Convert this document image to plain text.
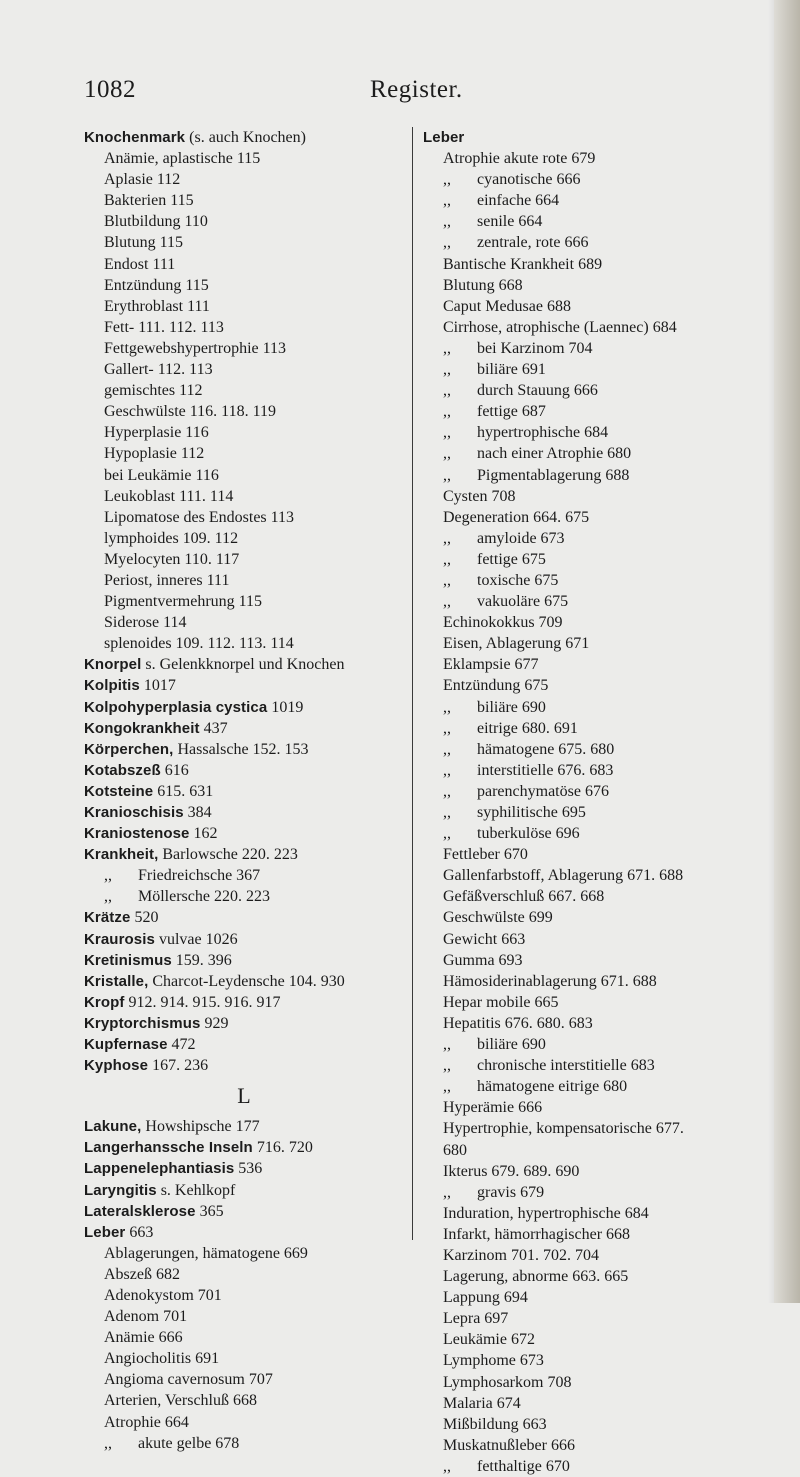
1082	Register.
Knochenmark (s. auch Knochen)
Anämie, aplastische 115
Aplasie 112
Bakterien 115
Blutbildung 110
Blutung 115
Endost 111
Entzündung 115
Erythroblast 111
Fett- 111. 112. 113
Fettgewebshypertrophie 113
Gallert- 112. 113
gemischtes 112
Geschwülste 116. 118. 119
Hyperplasie 116
Hypoplasie 112
bei Leukämie 116
Leukoblast 111. 114
Lipomatose des Endostes 113
lymphoides 109. 112
Myelocyten 110. 117
Periost, inneres 111
Pigmentvermehrung 115
Siderose 114
splenoides 109. 112. 113. 114
Knorpel s. Gelenkknorpel und Knochen
Kolpitis 1017
Kolpohyperplasia cystica 1019
Kongokrankheit 437
Körperchen, Hassalsche 152. 153
Kotabszeß 616
Kotsteine 615. 631
Kranioschisis 384
Kraniostenose 162
Krankheit, Barlowsche 220. 223
,, Friedreichsche 367
,, Möllersche 220. 223
Krätze 520
Kraurosis vulvae 1026
Kretinismus 159. 396
Kristalle, Charcot-Leydensche 104. 930
Kropf 912. 914. 915. 916. 917
Kryptorchismus 929
Kupfernase 472
Kyphose 167. 236
L
Lakune, Howshipsche 177
Langerhanssche Inseln 716. 720
Lappenelephantiasis 536
Laryngitis s. Kehlkopf
Lateralsklerose 365
Leber 663
Ablagerungen, hämatogene 669
Abszeß 682
Adenokystom 701
Adenom 701
Anämie 666
Angiocholitis 691
Angioma cavernosum 707
Arterien, Verschluß 668
Atrophie 664
,, akute gelbe 678
Leber
Atrophie akute rote 679
,, cyanotische 666
,, einfache 664
,, senile 664
,, zentrale, rote 666
Bantische Krankheit 689
Blutung 668
Caput Medusae 688
Cirrhose, atrophische (Laennec) 684
,, bei Karzinom 704
,, biliäre 691
,, durch Stauung 666
,, fettige 687
,, hypertrophische 684
,, nach einer Atrophie 680
,, Pigmentablagerung 688
Cysten 708
Degeneration 664. 675
,, amyloide 673
,, fettige 675
,, toxische 675
,, vakuoläre 675
Echinokokkus 709
Eisen, Ablagerung 671
Eklampsie 677
Entzündung 675
,, biliäre 690
,, eitrige 680. 691
,, hämatogene 675. 680
,, interstitielle 676. 683
,, parenchymatöse 676
,, syphilitische 695
,, tuberkulöse 696
Fettleber 670
Gallenfarbstoff, Ablagerung 671. 688
Gefäßverschluß 667. 668
Geschwülste 699
Gewicht 663
Gumma 693
Hämosiderinablagerung 671. 688
Hepar mobile 665
Hepatitis 676. 680. 683
,, biliäre 690
,, chronische interstitielle 683
,, hämatogene eitrige 680
Hyperämie 666
Hypertrophie, kompensatorische 677.
680
Ikterus 679. 689. 690
,, gravis 679
Induration, hypertrophische 684
Infarkt, hämorrhagischer 668
Karzinom 701. 702. 704
Lagerung, abnorme 663. 665
Lappung 694
Lepra 697
Leukämie 672
Lymphome 673
Lymphosarkom 708
Malaria 674
Mißbildung 663
Muskatnußleber 666
,, fetthaltige 670
